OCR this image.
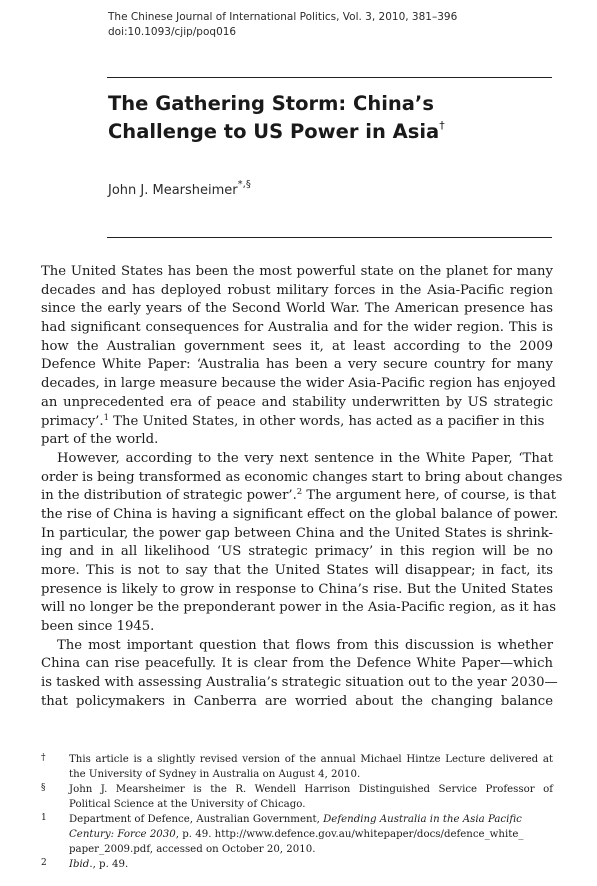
The Chinese Journal of International Politics, Vol. 3, 2010, 381–396
doi:10.1093/cjip/poq016
The Gathering Storm: China’s
Challenge to US Power in Asia†
John J. Mearsheimer*,§
The United States has been the most powerful state on the planet for many
decades and has deployed robust military forces in the Asia-Pacific region
since the early years of the Second World War. The American presence has
had significant consequences for Australia and for the wider region. This is
how the Australian government sees it, at least according to the 2009
Defence White Paper: ‘Australia has been a very secure country for many
decades, in large measure because the wider Asia-Pacific region has enjoyed
an unprecedented era of peace and stability underwritten by US strategic
primacy’.$^1$ The United States, in other words, has acted as a pacifier in this
part of the world.
However, according to the very next sentence in the White Paper, ‘That
order is being transformed as economic changes start to bring about changes
in the distribution of strategic power’.$^2$ The argument here, of course, is that
the rise of China is having a significant effect on the global balance of power.
In particular, the power gap between China and the United States is shrink-
ing and in all likelihood ‘US strategic primacy’ in this region will be no
more. This is not to say that the United States will disappear; in fact, its
presence is likely to grow in response to China’s rise. But the United States
will no longer be the preponderant power in the Asia-Pacific region, as it has
been since 1945.
The most important question that flows from this discussion is whether
China can rise peacefully. It is clear from the Defence White Paper—which
is tasked with assessing Australia’s strategic situation out to the year 2030—
that policymakers in Canberra are worried about the changing balance
† This article is a slightly revised version of the annual Michael Hintze Lecture delivered at
the University of Sydney in Australia on August 4, 2010.
§ John J. Mearsheimer is the R. Wendell Harrison Distinguished Service Professor of
Political Science at the University of Chicago.
1 Department of Defence, Australian Government, Defending Australia in the Asia Pacific
Century: Force 2030, p. 49. http://www.defence.gov.au/whitepaper/docs/defence_white_
paper_2009.pdf, accessed on October 20, 2010.
2 Ibid., p. 49.
